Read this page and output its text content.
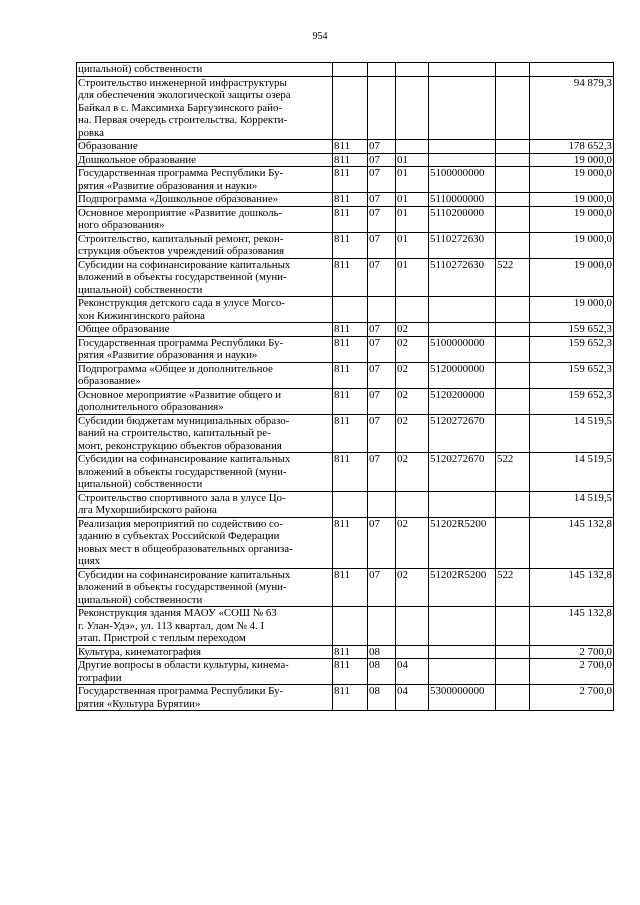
954
ципальной) собственности						

Строительство инженерной инфраструктуры
для обеспечения экологической защиты озера
Байкал в с. Максимиха Баргузинского райо-
на. Первая очередь строительства. Корректи-
ровка						94 879,3

Образование	811	07				178 652,3

Дошкольное образование	811	07	01			19 000,0

Государственная программа Республики Бу-
рятия «Развитие образования и науки»	811	07	01	5100000000		19 000,0

Подпрограмма «Дошкольное образование»	811	07	01	5110000000		19 000,0

Основное мероприятие «Развитие дошколь-
ного образования»	811	07	01	5110200000		19 000,0

Строительство, капитальный ремонт, рекон-
струкция объектов учреждений образования	811	07	01	5110272630		19 000,0

Субсидии на софинансирование капитальных
вложений в объекты государственной (муни-
ципальной) собственности	811	07	01	5110272630	522	19 000,0

Реконструкция детского сада в улусе Могсо-
хон Кижингинского района						19 000,0

Общее образование	811	07	02			159 652,3

Государственная программа Республики Бу-
рятия «Развитие образования и науки»	811	07	02	5100000000		159 652,3

Подпрограмма «Общее и дополнительное
образование»	811	07	02	5120000000		159 652,3

Основное мероприятие «Развитие общего и
дополнительного образования»	811	07	02	5120200000		159 652,3

Субсидии бюджетам муниципальных образо-
ваний на строительство, капитальный ре-
монт, реконструкцию объектов образования	811	07	02	5120272670		14 519,5

Субсидии на софинансирование капитальных
вложений в объекты государственной (муни-
ципальной) собственности	811	07	02	5120272670	522	14 519,5

Строительство спортивного зала в улусе Цо-
лга Мухоршибирского района						14 519,5

Реализация мероприятий по содействию со-
зданию в субъектах Российской Федерации
новых мест в общеобразовательных организа-
циях	811	07	02	51202R5200		145 132,8

Субсидии на софинансирование капитальных
вложений в объекты государственной (муни-
ципальной) собственности	811	07	02	51202R5200	522	145 132,8

Реконструкция здания МАОУ «СОШ № 63
г. Улан-Удэ», ул. 113 квартал, дом № 4. I
этап. Пристрой с теплым переходом						145 132,8

Культура, кинематография	811	08				2 700,0

Другие вопросы в области культуры, кинема-
тографии	811	08	04			2 700,0

Государственная программа Республики Бу-
рятия «Культура Бурятии»	811	08	04	5300000000		2 700,0
